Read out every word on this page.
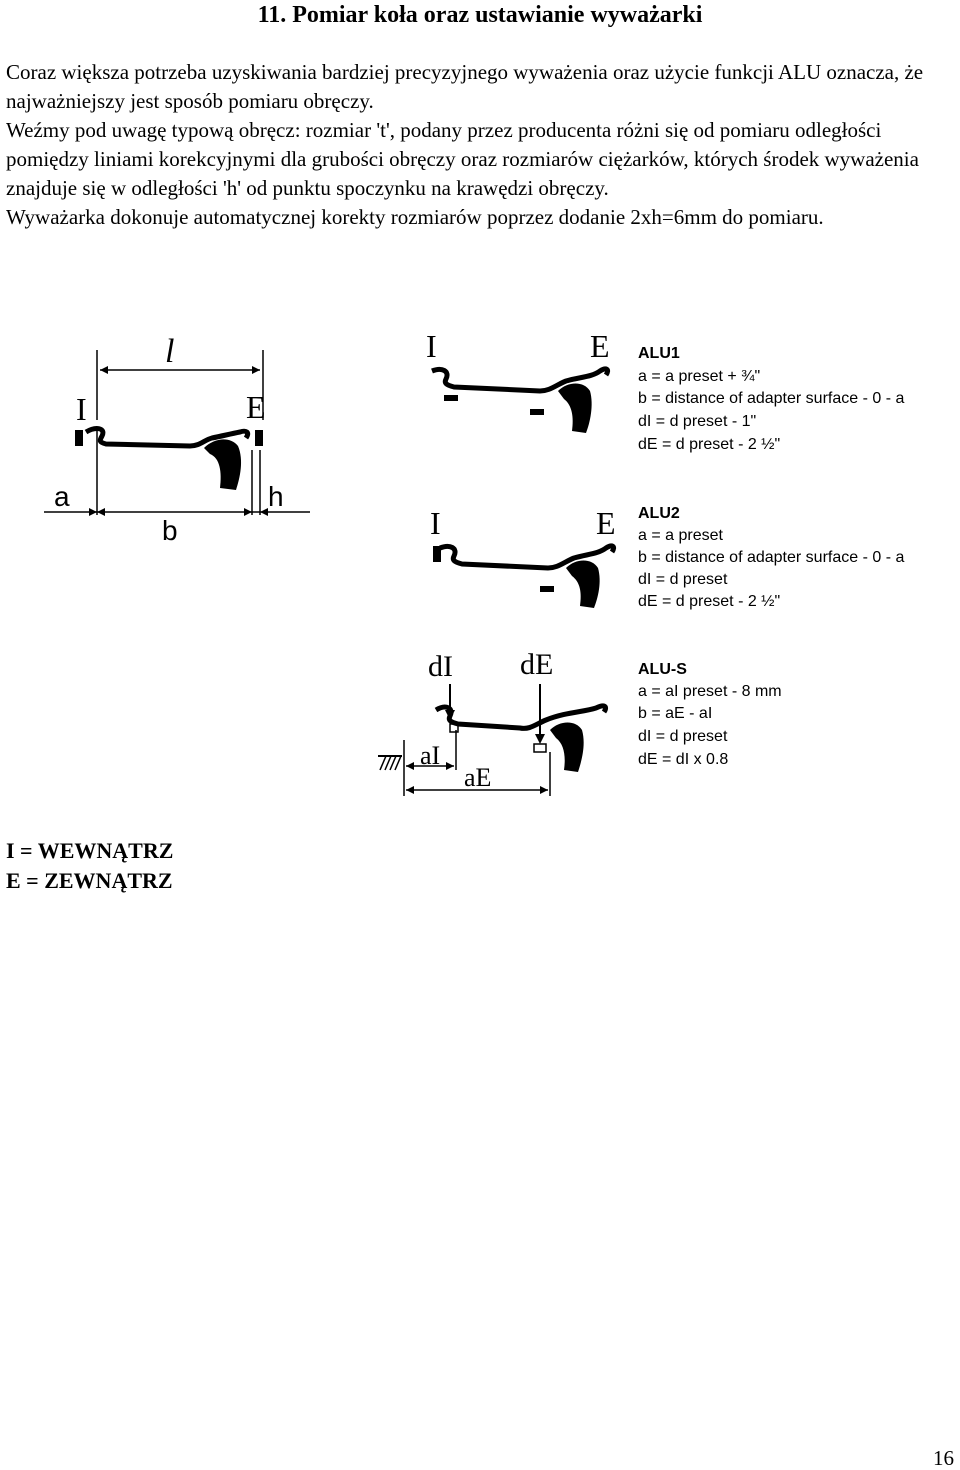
11. Pomiar koła oraz ustawianie wyważarki

Coraz większa potrzeba uzyskiwania bardziej precyzyjnego wyważenia oraz użycie funkcji ALU oznacza, że najważniejszy jest sposób pomiaru obręczy.

Weźmy pod uwagę typową obręcz: rozmiar 't', podany przez producenta różni się od pomiaru odległości pomiędzy liniami korekcyjnymi dla grubości obręczy oraz rozmiarów ciężarków, których środek wyważenia znajduje się w odległości 'h' od punktu spoczynku na krawędzi obręczy.

Wyważarka dokonuje automatycznej korekty rozmiarów poprzez dodanie 2xh=6mm do pomiaru.

l
I	E
a
b
h
I	E ALU1
a = a preset + ¾"
b = distance of adapter surface - 0 - a
dI = d preset - 1"
dE = d preset - 2 ½"
I	E ALU2
a = a preset
b = distance of adapter surface - 0 - a
dI = d preset
dE = d preset - 2 ½"
dI dE
aI
aE
ALU-S
a = aI preset - 8 mm
b = aE - aI
dI = d preset
dE = dI x 0.8
I = WEWNĄTRZ
E = ZEWNĄTRZ
16
